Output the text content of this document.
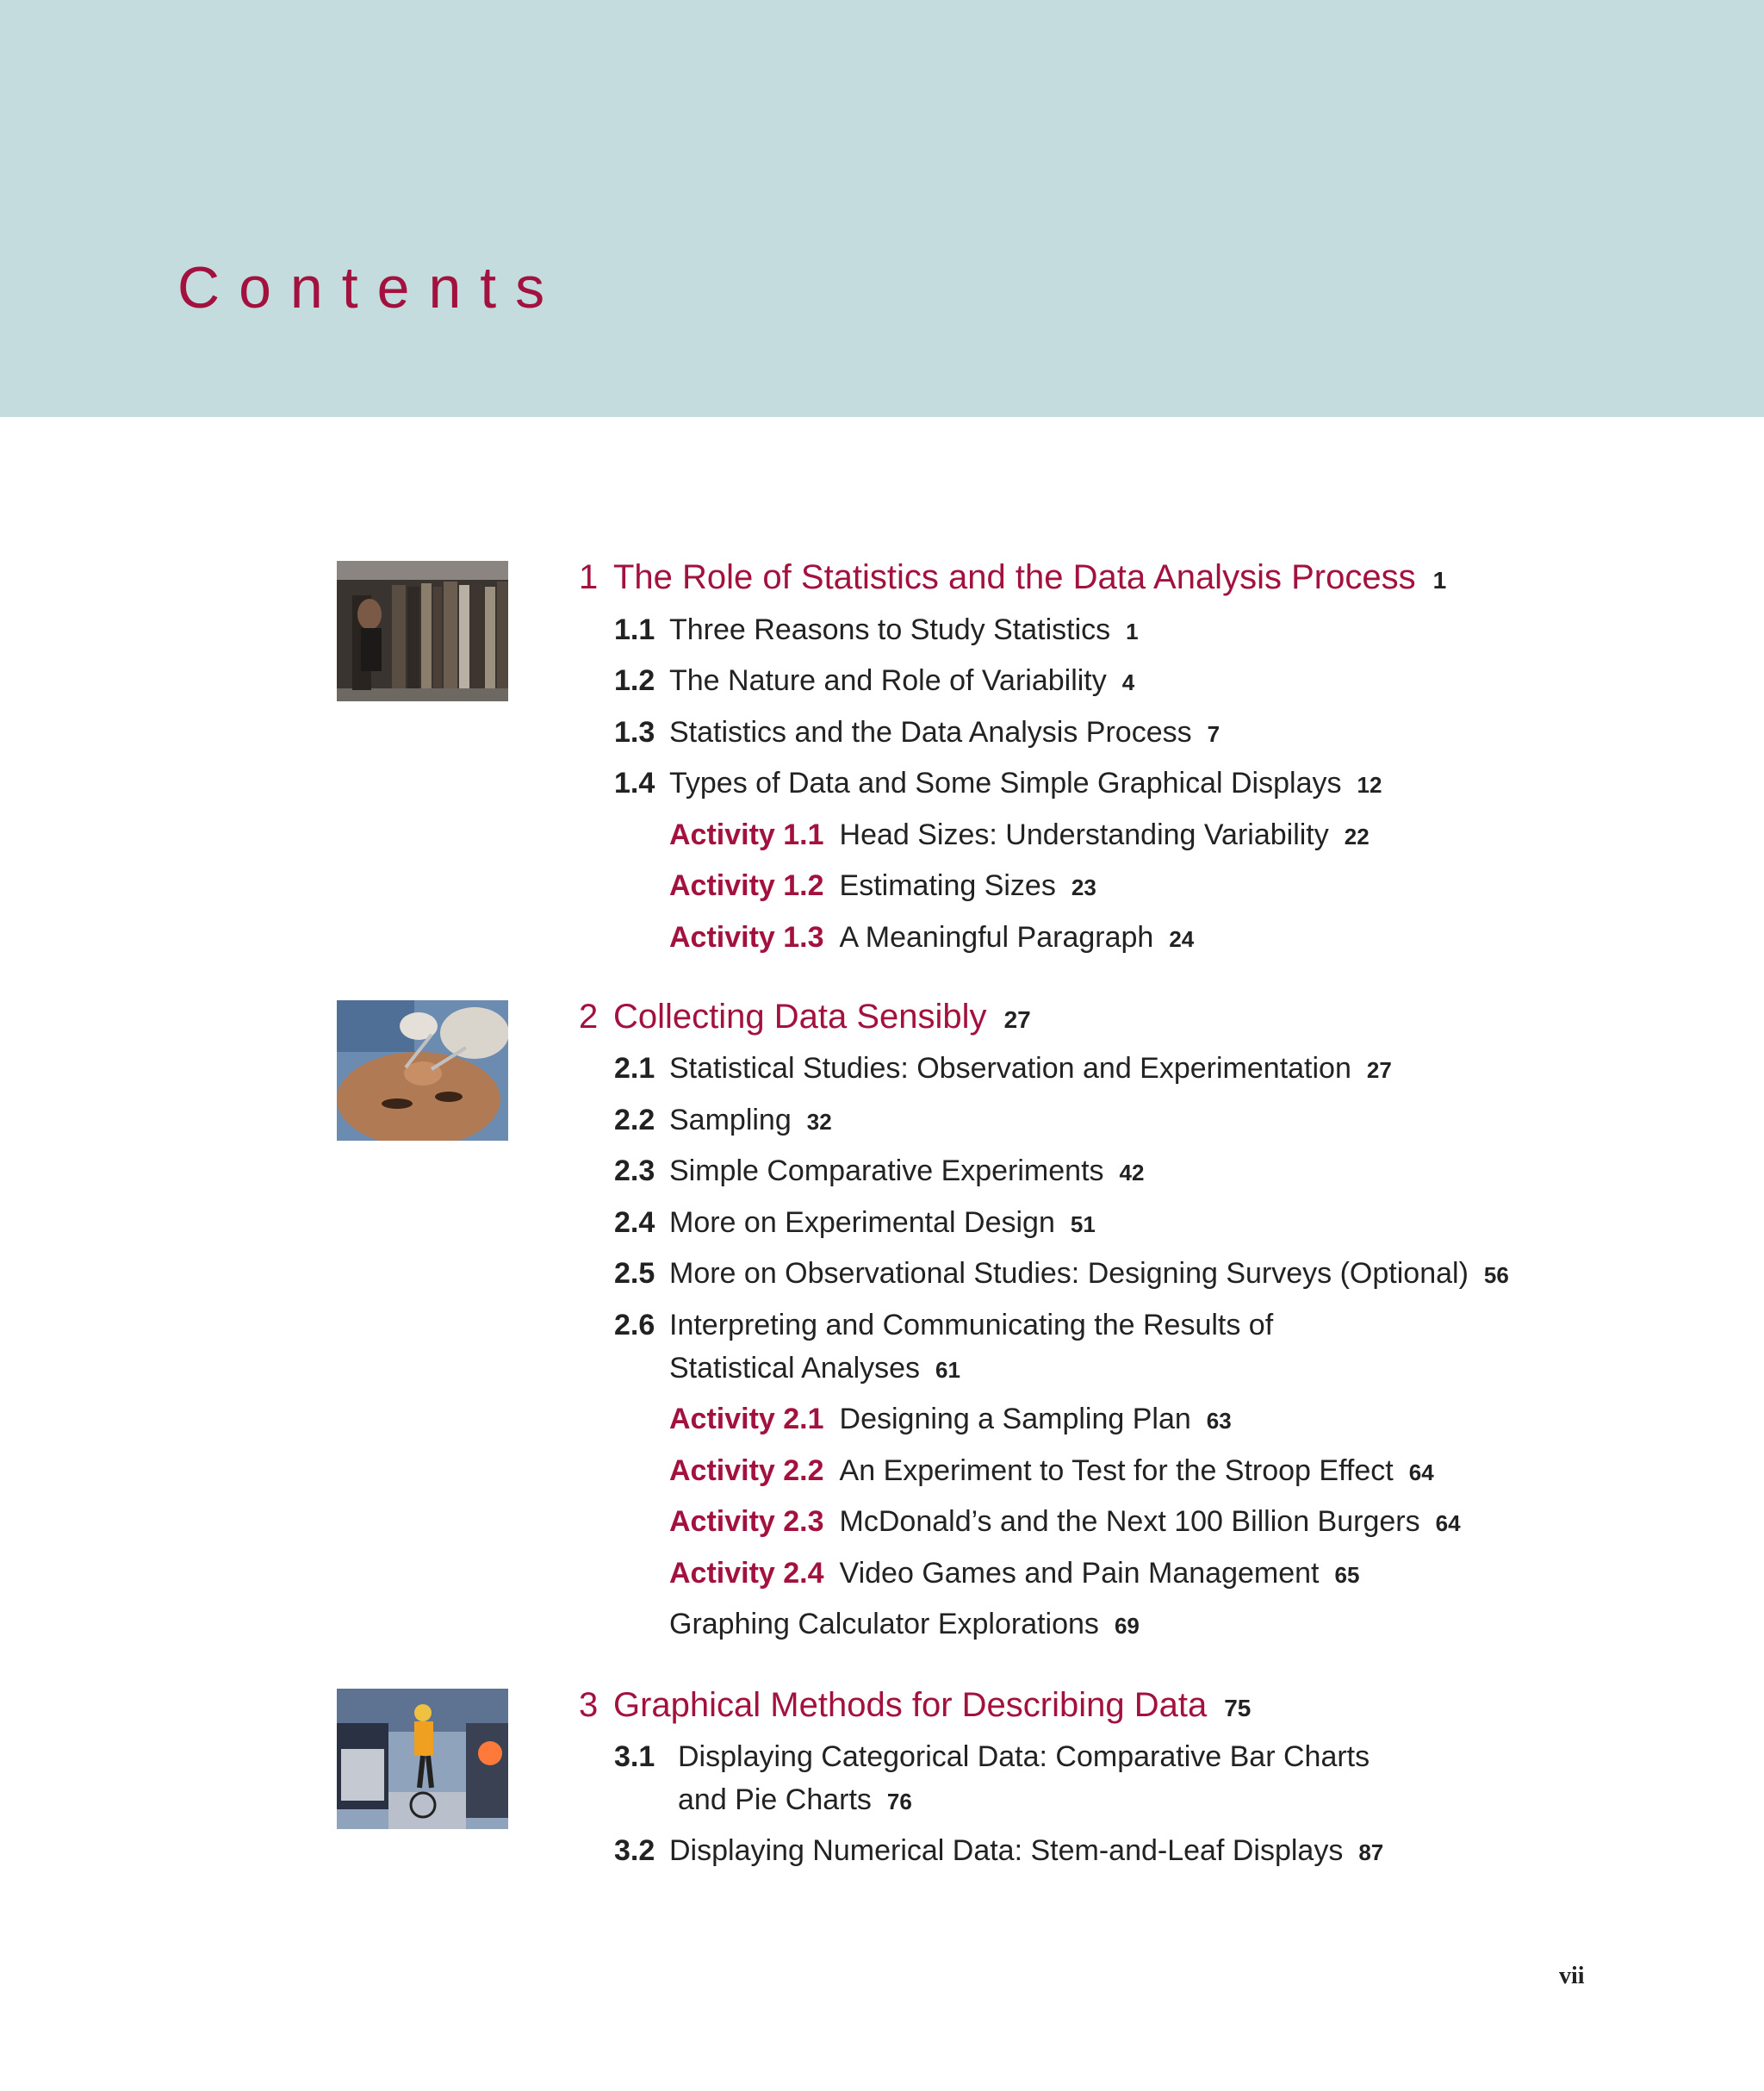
Contents
1 The Role of Statistics and the Data Analysis Process 1
1.1 Three Reasons to Study Statistics 1
1.2 The Nature and Role of Variability 4
1.3 Statistics and the Data Analysis Process 7
1.4 Types of Data and Some Simple Graphical Displays 12
Activity 1.1 Head Sizes: Understanding Variability 22
Activity 1.2 Estimating Sizes 23
Activity 1.3 A Meaningful Paragraph 24
2 Collecting Data Sensibly 27
2.1 Statistical Studies: Observation and Experimentation 27
2.2 Sampling 32
2.3 Simple Comparative Experiments 42
2.4 More on Experimental Design 51
2.5 More on Observational Studies: Designing Surveys (Optional) 56
2.6 Interpreting and Communicating the Results of
Statistical Analyses 61
Activity 2.1 Designing a Sampling Plan 63
Activity 2.2 An Experiment to Test for the Stroop Effect 64
Activity 2.3 McDonald’s and the Next 100 Billion Burgers 64
Activity 2.4 Video Games and Pain Management 65
Graphing Calculator Explorations 69
3 Graphical Methods for Describing Data 75
3.1 Displaying Categorical Data: Comparative Bar Charts
and Pie Charts 76
3.2 Displaying Numerical Data: Stem-and-Leaf Displays 87
vii
